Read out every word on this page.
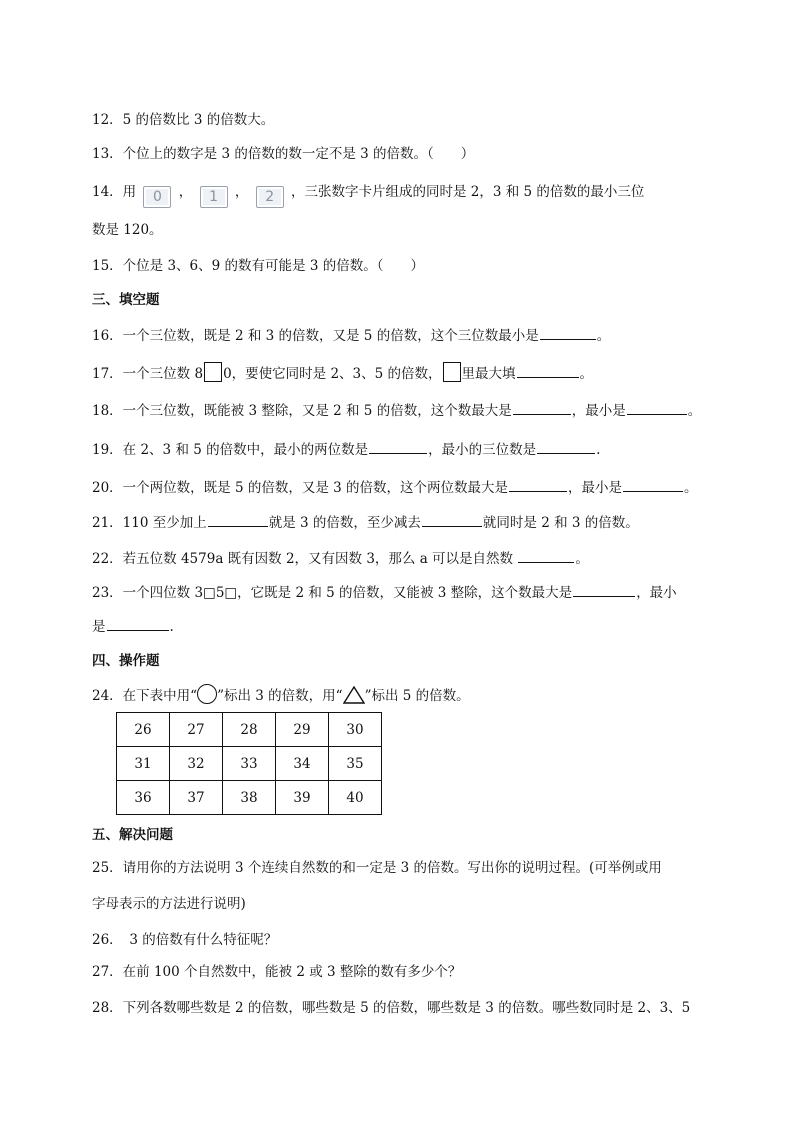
12．5 的倍数比 3 的倍数大。
13．个位上的数字是 3 的倍数的数一定不是 3 的倍数。（　　）
14．用 0 ， 1 ， 2 ，三张数字卡片组成的同时是 2，3 和 5 的倍数的最小三位
数是 120。
15．个位是 3、6、9 的数有可能是 3 的倍数。（　　）
三、填空题
16．一个三位数，既是 2 和 3 的倍数，又是 5 的倍数，这个三位数最小是	。
17．一个三位数 8 0，要使它同时是 2、3、5 的倍数， 里最大填	。
18．一个三位数，既能被 3 整除，又是 2 和 5 的倍数，这个数最大是	，最小是	。
19．在 2、3 和 5 的倍数中，最小的两位数是	，最小的三位数是	.
20．一个两位数，既是 5 的倍数，又是 3 的倍数，这个两位数最大是	，最小是	。
21．110 至少加上	就是 3 的倍数，至少减去	就同时是 2 和 3 的倍数。
22．若五位数 4579a 既有因数 2，又有因数 3，那么 a 可以是自然数	。
23．一个四位数 3□5□，它既是 2 和 5 的倍数，又能被 3 整除，这个数最大是	，最小
是	.
四、操作题
24．在下表中用“ ”标出 3 的倍数，用“ ”标出 5 的倍数。
26	27	28	29	30
31	32	33	34	35
36	37	38	39	40
五、解决问题
25．请用你的方法说明 3 个连续自然数的和一定是 3 的倍数。写出你的说明过程。(可举例或用
字母表示的方法进行说明)
26．　3 的倍数有什么特征呢？
27．在前 100 个自然数中，能被 2 或 3 整除的数有多少个？
28．下列各数哪些数是 2 的倍数，哪些数是 5 的倍数，哪些数是 3 的倍数。哪些数同时是 2、3、5
